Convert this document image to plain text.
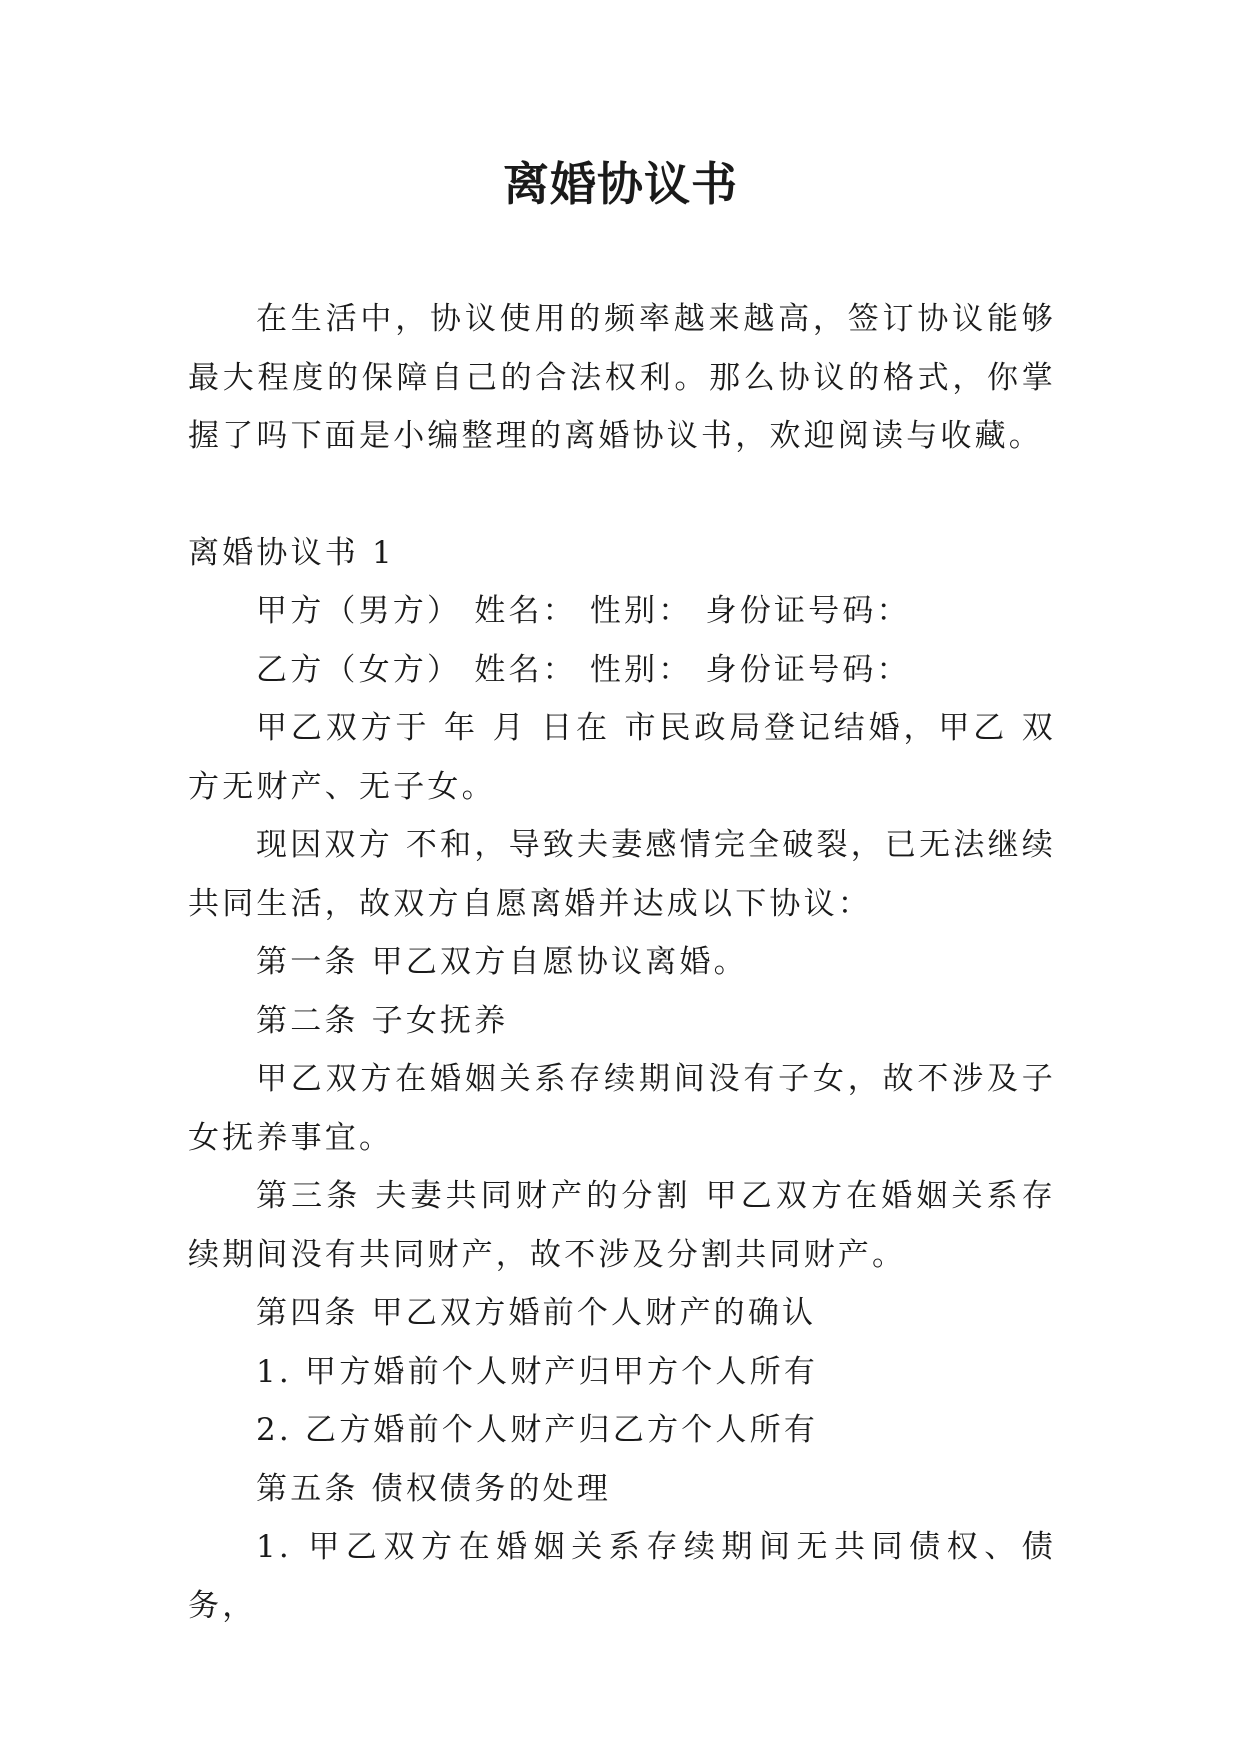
离婚协议书

在生活中，协议使用的频率越来越高，签订协议能够最大程度的保障自己的合法权利。那么协议的格式，你掌握了吗下面是小编整理的离婚协议书，欢迎阅读与收藏。

离婚协议书 1

甲方（男方） 姓名： 性别： 身份证号码：

乙方（女方） 姓名： 性别： 身份证号码：

甲乙双方于 年 月 日在 市民政局登记结婚，甲乙 双方无财产、无子女。

现因双方 不和，导致夫妻感情完全破裂，已无法继续共同生活，故双方自愿离婚并达成以下协议：

第一条 甲乙双方自愿协议离婚。

第二条 子女抚养

甲乙双方在婚姻关系存续期间没有子女，故不涉及子女抚养事宜。

第三条 夫妻共同财产的分割 甲乙双方在婚姻关系存续期间没有共同财产，故不涉及分割共同财产。

第四条 甲乙双方婚前个人财产的确认

1. 甲方婚前个人财产归甲方个人所有

2. 乙方婚前个人财产归乙方个人所有

第五条 债权债务的处理

1. 甲乙双方在婚姻关系存续期间无共同债权、债务，
